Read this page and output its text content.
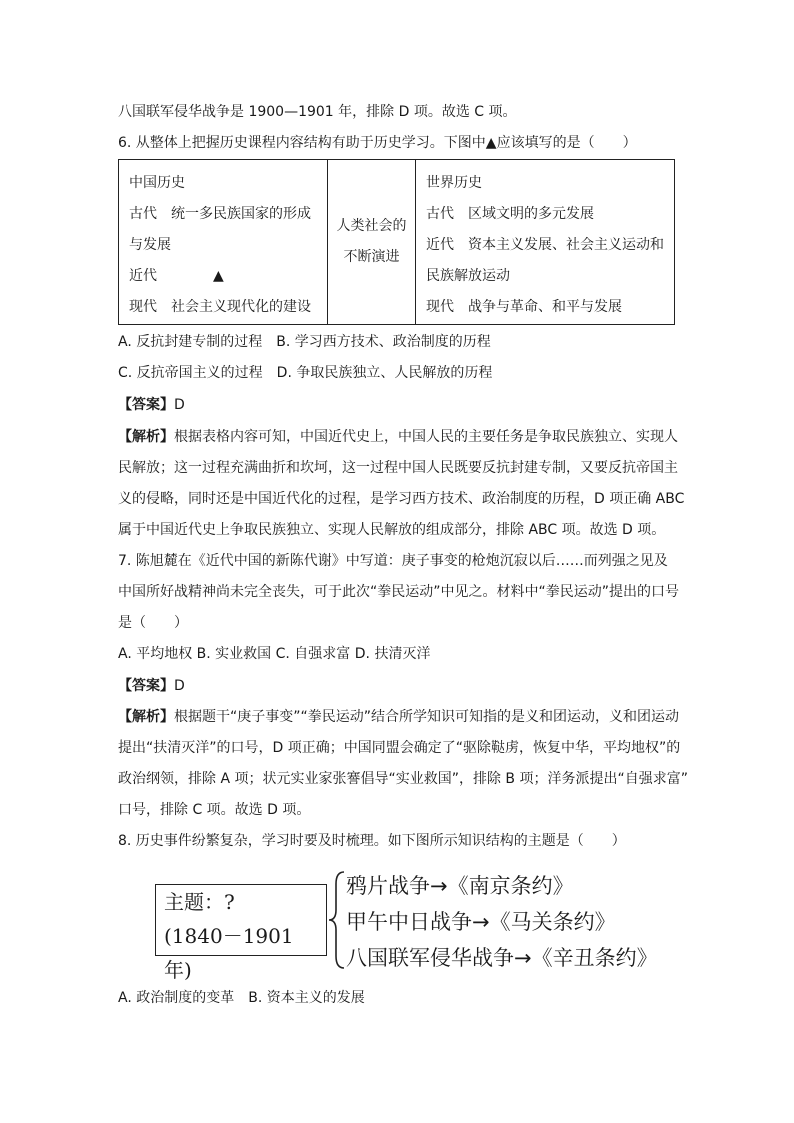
八国联军侵华战争是 1900—1901 年，排除 D 项。故选 C 项。
6. 从整体上把握历史课程内容结构有助于历史学习。下图中▲应该填写的是（　　）
中国历史
古代　统一多民族国家的形成
与发展
近代	▲
现代　社会主义现代化的建设

人类社会的
不断演进

世界历史
古代　区域文明的多元发展
近代　资本主义发展、社会主义运动和
民族解放运动
现代　战争与革命、和平与发展
A. 反抗封建专制的过程　B. 学习西方技术、政治制度的历程
C. 反抗帝国主义的过程　D. 争取民族独立、人民解放的历程
【答案】D
【解析】根据表格内容可知，中国近代史上，中国人民的主要任务是争取民族独立、实现人
民解放；这一过程充满曲折和坎坷，这一过程中国人民既要反抗封建专制，又要反抗帝国主
义的侵略，同时还是中国近代化的过程，是学习西方技术、政治制度的历程，D 项正确 ABC
属于中国近代史上争取民族独立、实现人民解放的组成部分，排除 ABC 项。故选 D 项。
7. 陈旭麓在《近代中国的新陈代谢》中写道：庚子事变的枪炮沉寂以后……而列强之见及
中国所好战精神尚未完全丧失，可于此次“拳民运动”中见之。材料中“拳民运动”提出的口号
是（　　）
A. 平均地权 B. 实业救国 C. 自强求富 D. 扶清灭洋
【答案】D
【解析】根据题干“庚子事变”“拳民运动”结合所学知识可知指的是义和团运动，义和团运动
提出“扶清灭洋”的口号，D 项正确；中国同盟会确定了“驱除鞑虏，恢复中华，平均地权”的
政治纲领，排除 A 项；状元实业家张謇倡导“实业救国”，排除 B 项；洋务派提出“自强求富”
口号，排除 C 项。故选 D 项。
8. 历史事件纷繁复杂，学习时要及时梳理。如下图所示知识结构的主题是（　　）
主题：?
(1840－1901 年)
鸦片战争→《南京条约》
甲午中日战争→《马关条约》
八国联军侵华战争→《辛丑条约》
A. 政治制度的变革　B. 资本主义的发展
